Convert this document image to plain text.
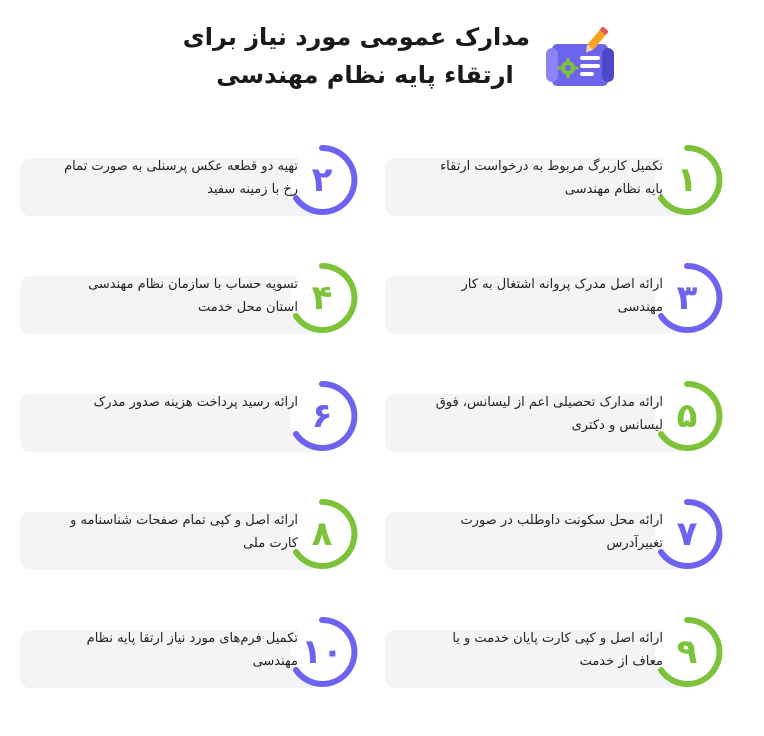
مدارک عمومی مورد نیاز برای
ارتقاء پایه نظام مهندسی
۱
تکمیل کاربرگ مربوط به درخواست ارتقاء پایه نظام مهندسی
۲
تهیه دو قطعه عکس پرسنلی به صورت تمام رخ با زمینه سفید
۳
ارائه اصل مدرک پروانه اشتغال به کار مهندسی
۴
تسویه حساب با سازمان نظام مهندسی استان محل خدمت
۵
ارائه مدارک تحصیلی اعم از لیسانس، فوق لیسانس و دکتری
۶
ارائه رسید پرداخت هزینه صدور مدرک
۷
ارائه محل سکونت داوطلب در صورت تغییرآدرس
۸
ارائه اصل و کپی تمام صفحات شناسنامه و کارت ملی
۹
ارائه اصل و کپی کارت پایان خدمت و یا معاف از خدمت
۱۰
تکمیل فرم‌های مورد نیاز ارتقا پایه نظام مهندسی
